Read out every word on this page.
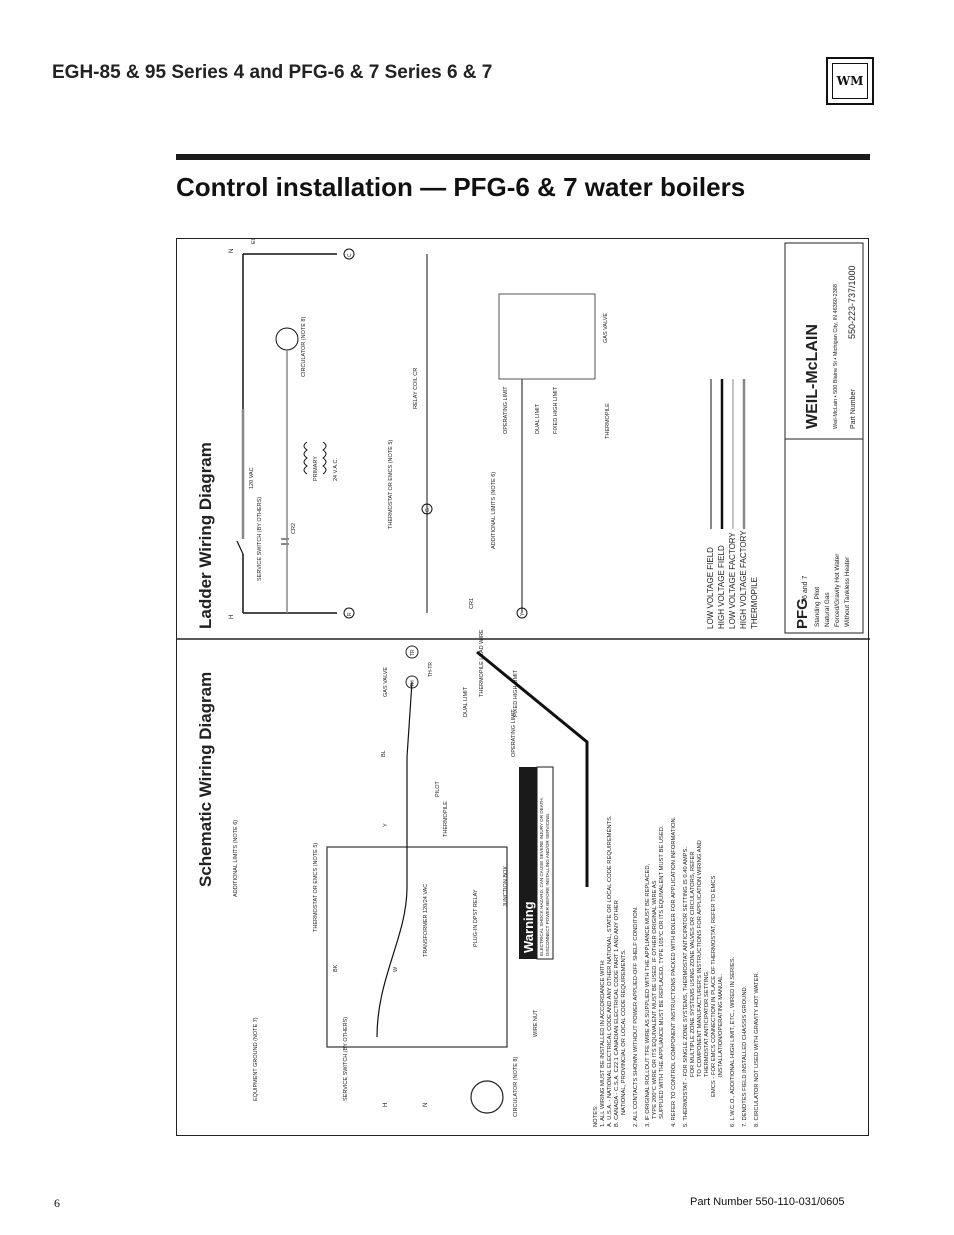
EGH-85 & 95 Series 4 and PFG-6 & 7 Series 6 & 7	WM
Control installation — PFG-6 & 7 water boilers
Ladder Wiring Diagram H
SERVICE SWITCH (BY OTHERS)
120 VAC
N
CR2
CIRCULATOR (NOTE 8)
PRIMARY	24 V.A.C.
R
C
G
THERMOSTAT OR EMCS (NOTE 5)
RELAY COIL CR
CR1
Y
ADDITIONAL LIMITS (NOTE 6)
OPERATING LIMIT	DUAL LIMIT FIXED HIGH LIMIT	THERMOPILE
GAS VALVE
LOW VOLTAGE FIELD HIGH VOLTAGE FIELD LOW VOLTAGE FACTORY HIGH VOLTAGE FACTORY THERMOPILE PFG
6 and 7 Standing Pilot Natural Gas Forced/Gravity Hot Water Without Tankless Heater
WEIL-McLAIN Weil-McLain • 500 Blaine St • Michigan City, IN 46360-2388 Part Number
550-223-737/1000
Schematic Wiring Diagram
EQUIPMENT GROUND (NOTE 7)	SERVICE SWITCH (BY OTHERS)
H	N
JUNCTION BOX
WIRE NUT
TRANSFORMER 120/24 VAC	PLUG-IN DPST RELAY
THERMOSTAT OR EMCS (NOTE 5)
ADDITIONAL LIMITS (NOTE 6)
CIRCULATOR (NOTE 8)
THERMOPILE
PILOT
OPERATING LIMIT
DUAL LIMIT	FIXED HIGH LIMIT
THERMOPILE LEAD WIRE
GAS VALVE	TH
TR
TH-TR
BL
Y
W
BK
Warning ELECTRICAL SHOCK HAZARD. CAN CAUSE SEVERE INJURY OR DEATH. DISCONNECT POWER BEFORE INSTALLING AND/OR SERVICING.
NOTES: 1. ALL WIRING MUST BE INSTALLED IN ACCORDANCE WITH: A. U.S.A. - NATIONAL ELECTRICAL CODE AND ANY OTHER NATIONAL, STATE OR LOCAL CODE REQUIREMENTS. B. CANADA - C.S.A. C22.1 CANADIAN ELECTRICAL CODE PART 1 AND ANY OTHER NATIONAL, PROVINCIAL OR LOCAL CODE REQUIREMENTS. 2. ALL CONTACTS SHOWN WITHOUT POWER APPLIED-OFF SHELF CONDITION. 3. IF ORIGINAL ROLLOUT TFE WIRE AS SUPPLIED WITH THE APPLIANCE MUST BE REPLACED, TYPE 200°C WIRE OR ITS EQUIVALENT MUST BE USED. IF OTHER ORIGINAL WIRE AS SUPPLIED WITH THE APPLIANCE MUST BE REPLACED, TYPE 105°C OR ITS EQUIVALENT MUST BE USED. 4. REFER TO CONTROL COMPONENT INSTRUCTIONS PACKED WITH BOILER FOR APPLICATION INFORMATION. 5. THERMOSTAT - FOR SINGLE ZONE SYSTEMS, THERMOSTAT ANTICIPATOR SETTING IS 0.40 AMPS. FOR MULTIPLE ZONE SYSTEMS USING ZONE VALVES OR CIRCULATORS, REFER TO COMPONENT MANUFACTURER'S INSTRUCTIONS FOR APPLICATION WIRING AND THERMOSTAT ANTICIPATOR SETTING. EMCS - FOR EMCS CONNECTION IN PLACE OF THERMOSTAT, REFER TO EMCS INSTALLATION/OPERATING MANUAL. 6. L.W.C.O., ADDITIONAL HIGH LIMIT, ETC., WIRED IN SERIES. 7. DENOTES FIELD INSTALLED CHASSIS GROUND. 8. CIRCULATOR NOT USED WITH GRAVITY HOT WATER.
6	Part Number 550-110-031/0605
